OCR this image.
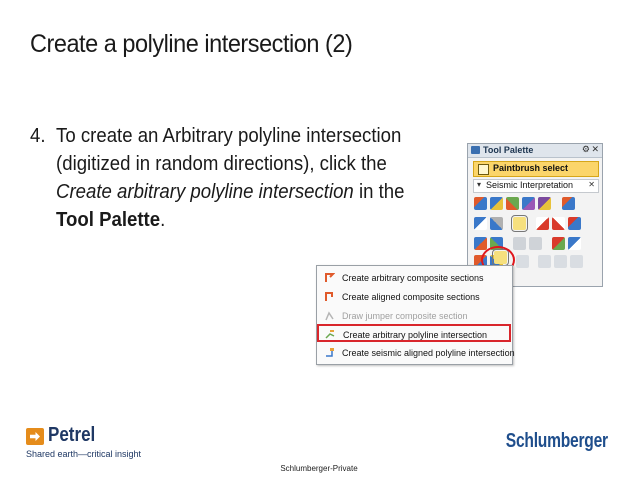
Create a polyline intersection (2)
4. To create an Arbitrary polyline intersection
(digitized in random directions), click the
Create arbitrary polyline intersection in the
Tool Palette.
Tool Palette	⚙ ✕
Paintbrush select
▾ Seismic Interpretation ✕
Create arbitrary composite sections
Create aligned composite sections
Draw jumper composite section
Create arbitrary polyline intersection
Create seismic aligned polyline intersection
Petrel
Shared earth—critical insight
Schlumberger
Schlumberger-Private
